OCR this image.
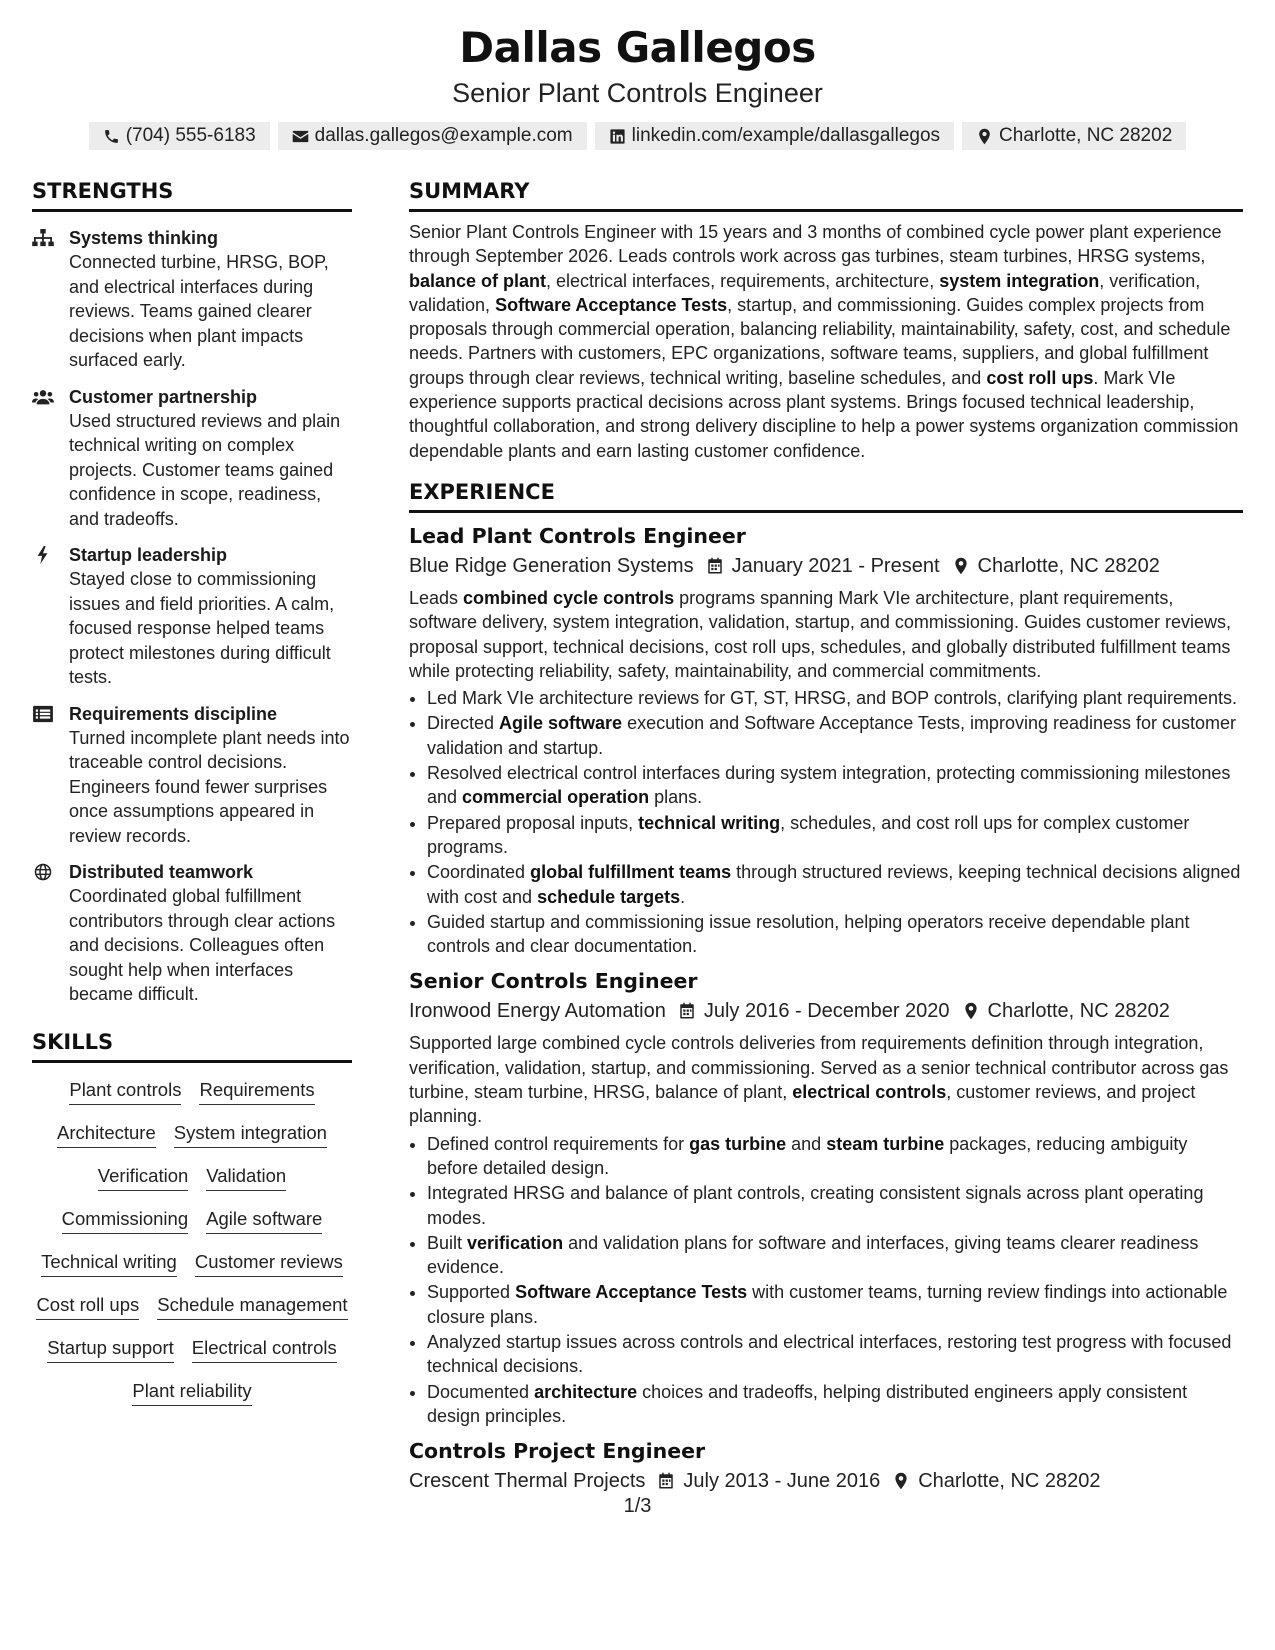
Dallas Gallegos
Senior Plant Controls Engineer
(704) 555-6183	dallas.gallegos@example.com	linkedin.com/example/dallasgallegos	Charlotte, NC 28202
STRENGTHS
Systems thinking
Connected turbine, HRSG, BOP, and electrical interfaces during reviews. Teams gained clearer decisions when plant impacts surfaced early.
Customer partnership
Used structured reviews and plain technical writing on complex projects. Customer teams gained confidence in scope, readiness, and tradeoffs.
Startup leadership
Stayed close to commissioning issues and field priorities. A calm, focused response helped teams protect milestones during difficult tests.
Requirements discipline
Turned incomplete plant needs into traceable control decisions. Engineers found fewer surprises once assumptions appeared in review records.
Distributed teamwork
Coordinated global fulfillment contributors through clear actions and decisions. Colleagues often sought help when interfaces became difficult.
SKILLS
Plant controls Requirements
Architecture System integration
Verification Validation
Commissioning Agile software
Technical writing Customer reviews
Cost roll ups Schedule management
Startup support Electrical controls
Plant reliability
SUMMARY
Senior Plant Controls Engineer with 15 years and 3 months of combined cycle power plant experience through September 2026. Leads controls work across gas turbines, steam turbines, HRSG systems, balance of plant, electrical interfaces, requirements, architecture, system integration, verification, validation, Software Acceptance Tests, startup, and commissioning. Guides complex projects from proposals through commercial operation, balancing reliability, maintainability, safety, cost, and schedule needs. Partners with customers, EPC organizations, software teams, suppliers, and global fulfillment groups through clear reviews, technical writing, baseline schedules, and cost roll ups. Mark VIe experience supports practical decisions across plant systems. Brings focused technical leadership, thoughtful collaboration, and strong delivery discipline to help a power systems organization commission dependable plants and earn lasting customer confidence.
EXPERIENCE
Lead Plant Controls Engineer
Blue Ridge Generation Systems January 2021 - Present Charlotte, NC 28202
Leads combined cycle controls programs spanning Mark VIe architecture, plant requirements, software delivery, system integration, validation, startup, and commissioning. Guides customer reviews, proposal support, technical decisions, cost roll ups, schedules, and globally distributed fulfillment teams while protecting reliability, safety, maintainability, and commercial commitments.
• Led Mark VIe architecture reviews for GT, ST, HRSG, and BOP controls, clarifying plant requirements.
• Directed Agile software execution and Software Acceptance Tests, improving readiness for customer validation and startup.
• Resolved electrical control interfaces during system integration, protecting commissioning milestones and commercial operation plans.
• Prepared proposal inputs, technical writing, schedules, and cost roll ups for complex customer programs.
• Coordinated global fulfillment teams through structured reviews, keeping technical decisions aligned with cost and schedule targets.
• Guided startup and commissioning issue resolution, helping operators receive dependable plant controls and clear documentation.
Senior Controls Engineer
Ironwood Energy Automation July 2016 - December 2020 Charlotte, NC 28202
Supported large combined cycle controls deliveries from requirements definition through integration, verification, validation, startup, and commissioning. Served as a senior technical contributor across gas turbine, steam turbine, HRSG, balance of plant, electrical controls, customer reviews, and project planning.
• Defined control requirements for gas turbine and steam turbine packages, reducing ambiguity before detailed design.
• Integrated HRSG and balance of plant controls, creating consistent signals across plant operating modes.
• Built verification and validation plans for software and interfaces, giving teams clearer readiness evidence.
• Supported Software Acceptance Tests with customer teams, turning review findings into actionable closure plans.
• Analyzed startup issues across controls and electrical interfaces, restoring test progress with focused technical decisions.
• Documented architecture choices and tradeoffs, helping distributed engineers apply consistent design principles.
Controls Project Engineer
Crescent Thermal Projects July 2013 - June 2016 Charlotte, NC 28202
1/3
